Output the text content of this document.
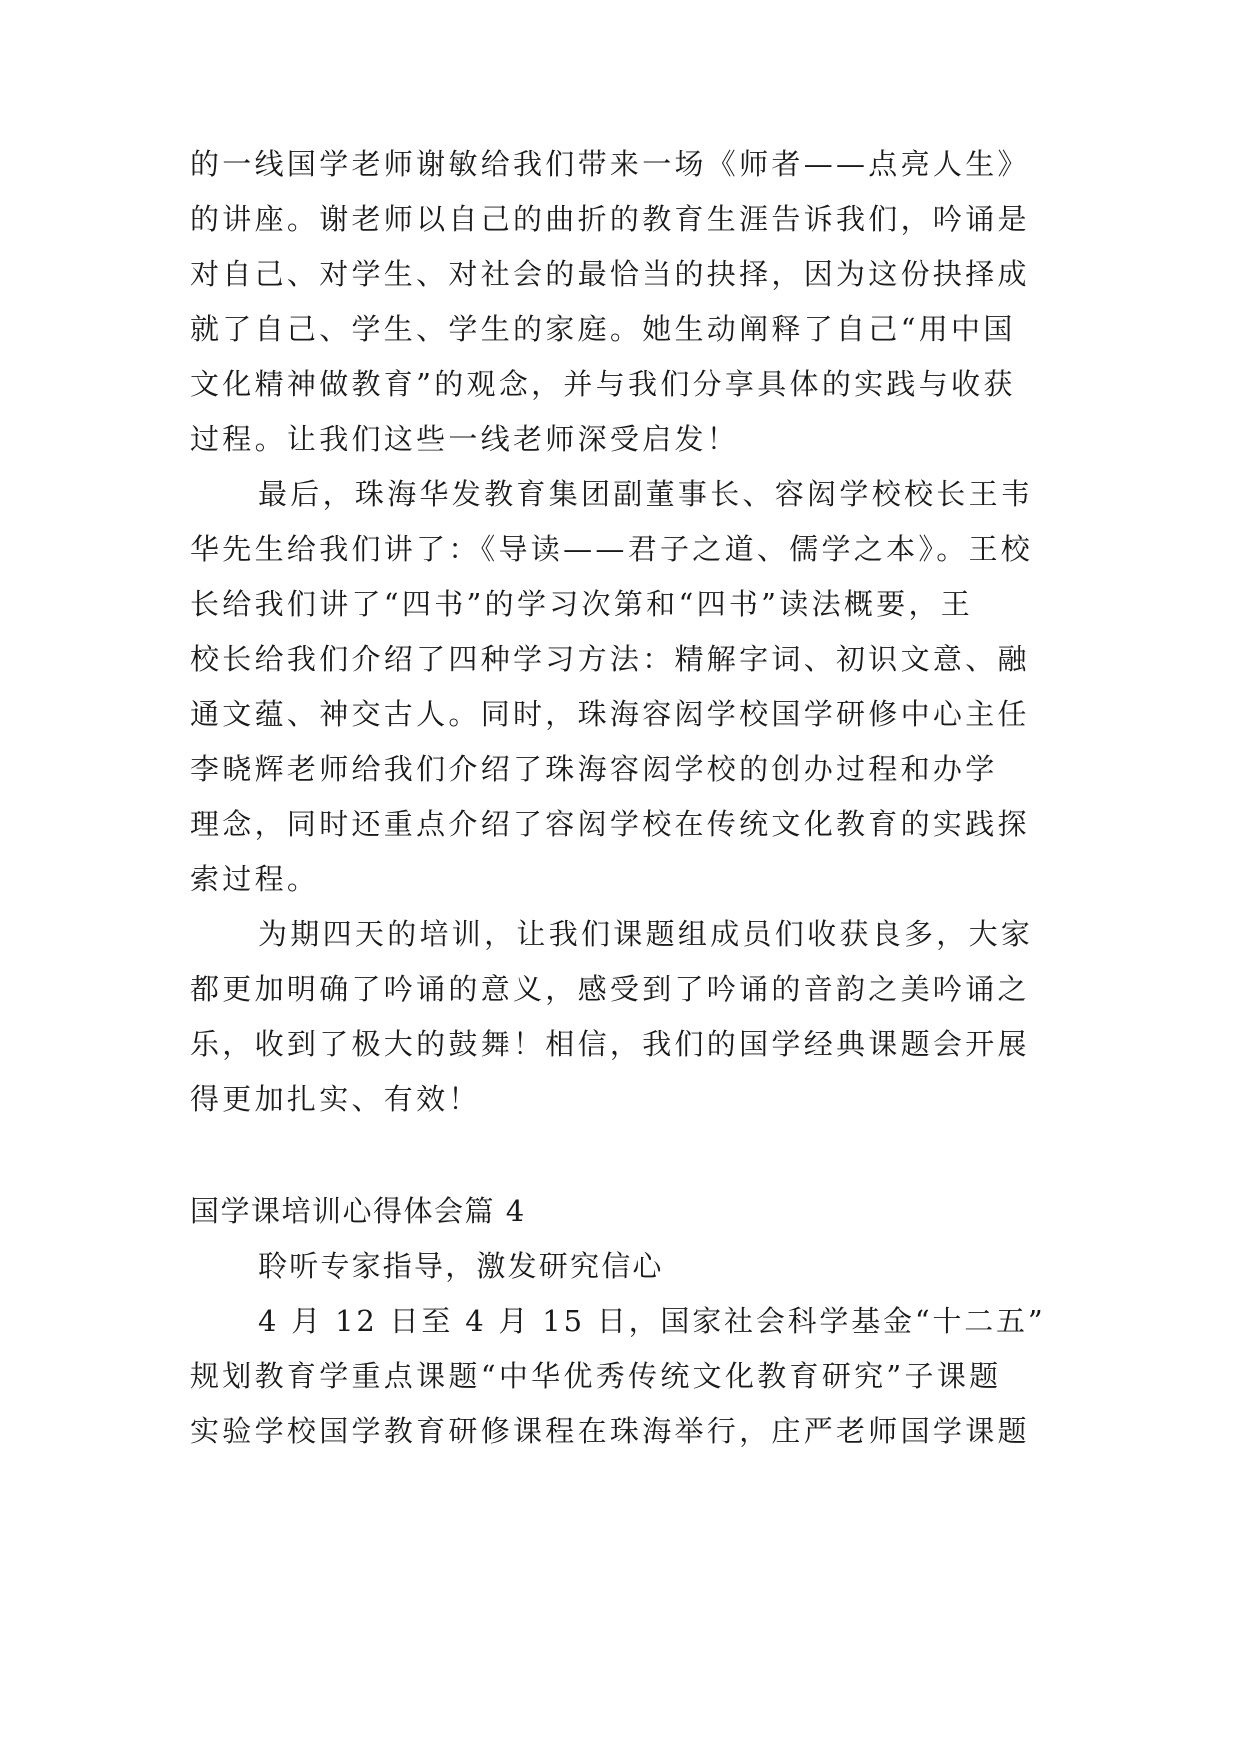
的一线国学老师谢敏给我们带来一场《师者——点亮人生》
的讲座。谢老师以自己的曲折的教育生涯告诉我们，吟诵是
对自己、对学生、对社会的最恰当的抉择，因为这份抉择成
就了自己、学生、学生的家庭。她生动阐释了自己“用中国
文化精神做教育”的观念，并与我们分享具体的实践与收获
过程。让我们这些一线老师深受启发！
最后，珠海华发教育集团副董事长、容闳学校校长王韦
华先生给我们讲了：《导读——君子之道、儒学之本》。王校
长给我们讲了“四书”的学习次第和“四书”读法概要，王
校长给我们介绍了四种学习方法：精解字词、初识文意、融
通文蕴、神交古人。同时，珠海容闳学校国学研修中心主任
李晓辉老师给我们介绍了珠海容闳学校的创办过程和办学
理念，同时还重点介绍了容闳学校在传统文化教育的实践探
索过程。
为期四天的培训，让我们课题组成员们收获良多，大家
都更加明确了吟诵的意义，感受到了吟诵的音韵之美吟诵之
乐，收到了极大的鼓舞！相信，我们的国学经典课题会开展
得更加扎实、有效！
国学课培训心得体会篇 4
聆听专家指导，激发研究信心
4 月 12 日至 4 月 15 日，国家社会科学基金“十二五”
规划教育学重点课题“中华优秀传统文化教育研究”子课题
实验学校国学教育研修课程在珠海举行，庄严老师国学课题
